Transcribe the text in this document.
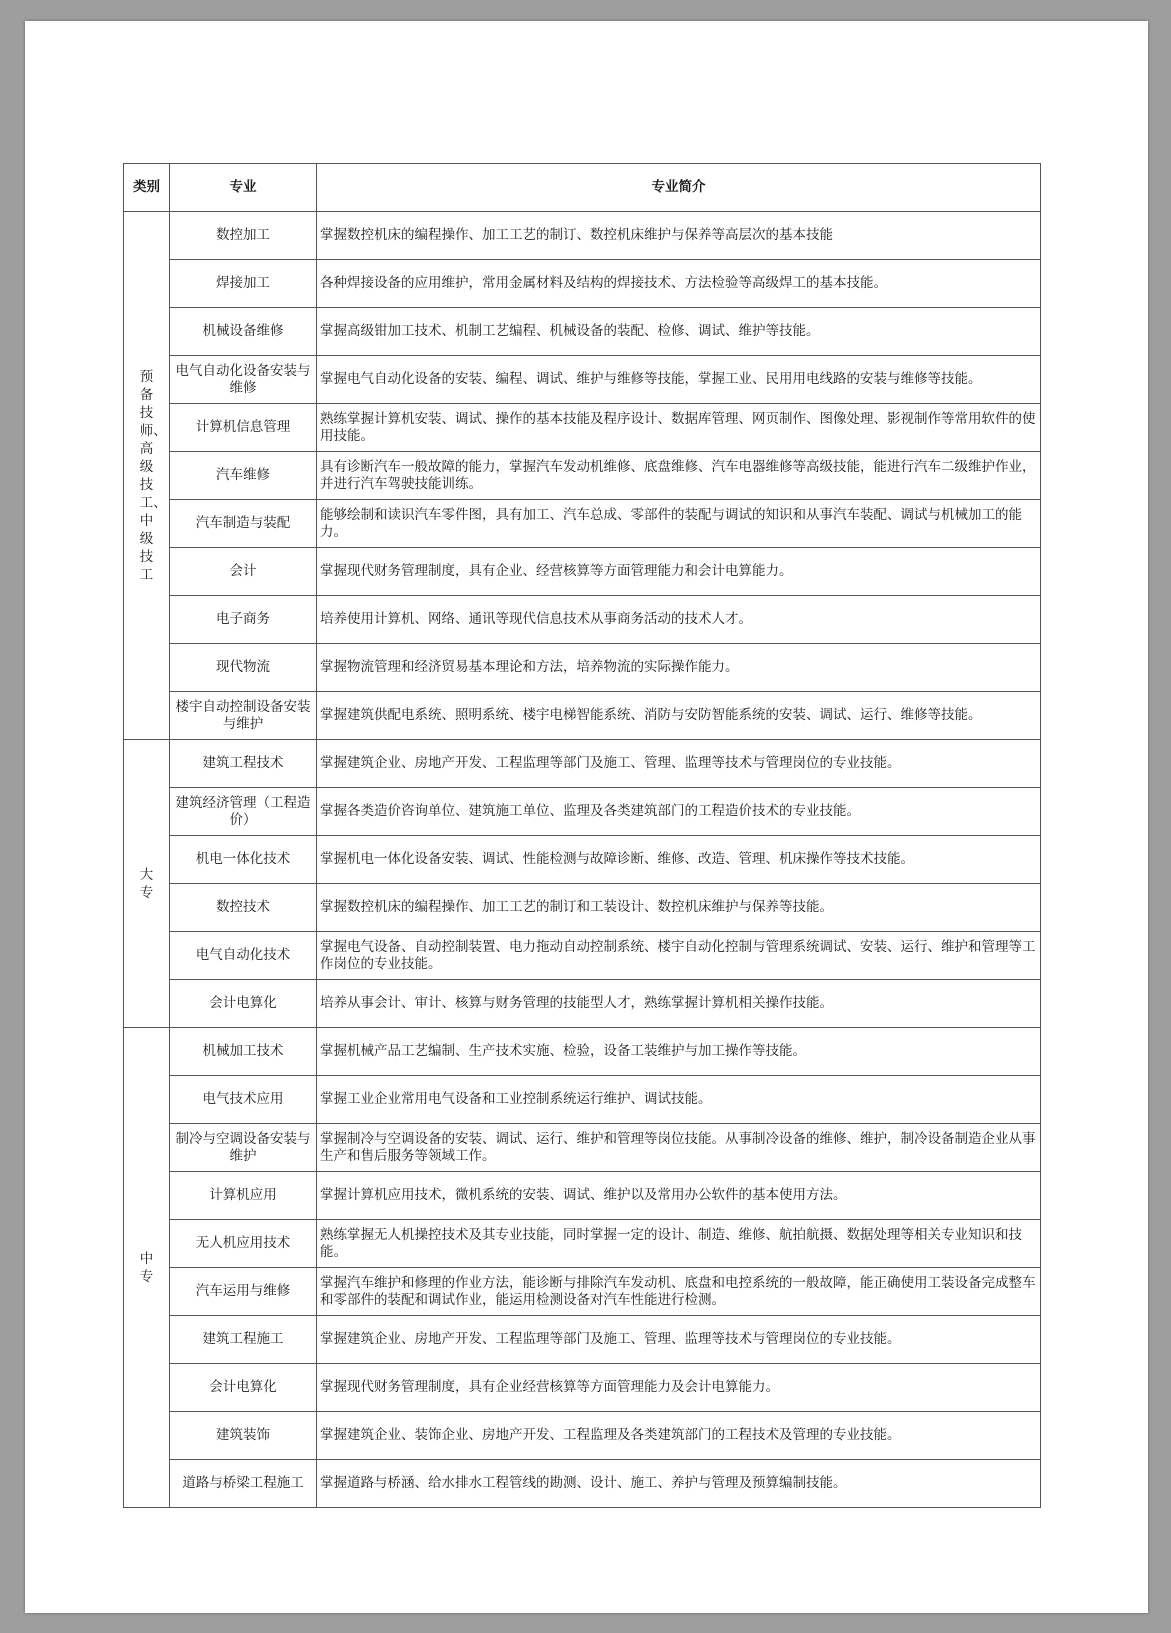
类别	专业	专业简介

预备技师、高级技工、中级技工	数控加工	掌握数控机床的编程操作、加工工艺的制订、数控机床维护与保养等高层次的基本技能
	焊接加工	各种焊接设备的应用维护，常用金属材料及结构的焊接技术、方法检验等高级焊工的基本技能。
	机械设备维修	掌握高级钳加工技术、机制工艺编程、机械设备的装配、检修、调试、维护等技能。
	电气自动化设备安装与维修	掌握电气自动化设备的安装、编程、调试、维护与维修等技能，掌握工业、民用用电线路的安装与维修等技能。
	计算机信息管理	熟练掌握计算机安装、调试、操作的基本技能及程序设计、数据库管理、网页制作、图像处理、影视制作等常用软件的使用技能。
	汽车维修	具有诊断汽车一般故障的能力，掌握汽车发动机维修、底盘维修、汽车电器维修等高级技能，能进行汽车二级维护作业，并进行汽车驾驶技能训练。
	汽车制造与装配	能够绘制和读识汽车零件图，具有加工、汽车总成、零部件的装配与调试的知识和从事汽车装配、调试与机械加工的能力。
	会计	掌握现代财务管理制度，具有企业、经营核算等方面管理能力和会计电算能力。
	电子商务	培养使用计算机、网络、通讯等现代信息技术从事商务活动的技术人才。
	现代物流	掌握物流管理和经济贸易基本理论和方法，培养物流的实际操作能力。
	楼宇自动控制设备安装与维护	掌握建筑供配电系统、照明系统、楼宇电梯智能系统、消防与安防智能系统的安装、调试、运行、维修等技能。

大专	建筑工程技术	掌握建筑企业、房地产开发、工程监理等部门及施工、管理、监理等技术与管理岗位的专业技能。
	建筑经济管理（工程造价）	掌握各类造价咨询单位、建筑施工单位、监理及各类建筑部门的工程造价技术的专业技能。
	机电一体化技术	掌握机电一体化设备安装、调试、性能检测与故障诊断、维修、改造、管理、机床操作等技术技能。
	数控技术	掌握数控机床的编程操作、加工工艺的制订和工装设计、数控机床维护与保养等技能。
	电气自动化技术	掌握电气设备、自动控制装置、电力拖动自动控制系统、楼宇自动化控制与管理系统调试、安装、运行、维护和管理等工作岗位的专业技能。
	会计电算化	培养从事会计、审计、核算与财务管理的技能型人才，熟练掌握计算机相关操作技能。

中专	机械加工技术	掌握机械产品工艺编制、生产技术实施、检验，设备工装维护与加工操作等技能。
	电气技术应用	掌握工业企业常用电气设备和工业控制系统运行维护、调试技能。
	制冷与空调设备安装与维护	掌握制冷与空调设备的安装、调试、运行、维护和管理等岗位技能。从事制冷设备的维修、维护，制冷设备制造企业从事生产和售后服务等领域工作。
	计算机应用	掌握计算机应用技术，微机系统的安装、调试、维护以及常用办公软件的基本使用方法。
	无人机应用技术	熟练掌握无人机操控技术及其专业技能，同时掌握一定的设计、制造、维修、航拍航摄、数据处理等相关专业知识和技能。
	汽车运用与维修	掌握汽车维护和修理的作业方法，能诊断与排除汽车发动机、底盘和电控系统的一般故障，能正确使用工装设备完成整车和零部件的装配和调试作业，能运用检测设备对汽车性能进行检测。
	建筑工程施工	掌握建筑企业、房地产开发、工程监理等部门及施工、管理、监理等技术与管理岗位的专业技能。
	会计电算化	掌握现代财务管理制度，具有企业经营核算等方面管理能力及会计电算能力。
	建筑装饰	掌握建筑企业、装饰企业、房地产开发、工程监理及各类建筑部门的工程技术及管理的专业技能。
	道路与桥梁工程施工	掌握道路与桥涵、给水排水工程管线的勘测、设计、施工、养护与管理及预算编制技能。
